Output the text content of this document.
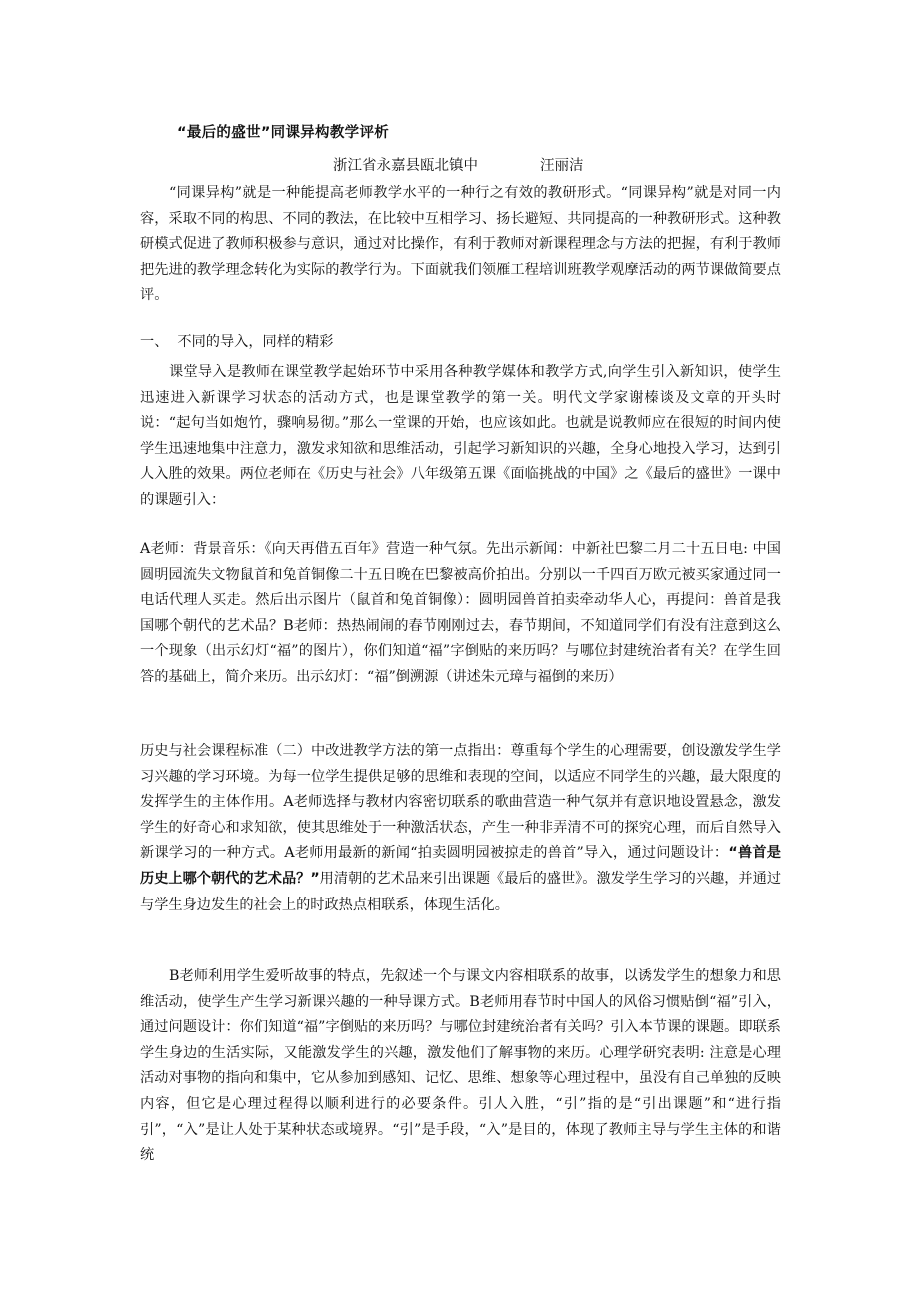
“最后的盛世”同课异构教学评析
浙江省永嘉县瓯北镇中	汪丽洁

“同课异构”就是一种能提高老师教学水平的一种行之有效的教研形式。“同课异构”就是对同一内容，采取不同的构思、不同的教法，在比较中互相学习、扬长避短、共同提高的一种教研形式。这种教研模式促进了教师积极参与意识，通过对比操作，有利于教师对新课程理念与方法的把握，有利于教师把先进的教学理念转化为实际的教学行为。下面就我们领雁工程培训班教学观摩活动的两节课做简要点评。

一、  不同的导入，同样的精彩

课堂导入是教师在课堂教学起始环节中采用各种教学媒体和教学方式,向学生引入新知识，使学生迅速进入新课学习状态的活动方式，也是课堂教学的第一关。明代文学家谢榛谈及文章的开头时说：“起句当如炮竹，骤响易彻。”那么一堂课的开始，也应该如此。也就是说教师应在很短的时间内使学生迅速地集中注意力，激发求知欲和思维活动，引起学习新知识的兴趣，全身心地投入学习，达到引人入胜的效果。两位老师在《历史与社会》八年级第五课《面临挑战的中国》之《最后的盛世》一课中的课题引入：

A老师：背景音乐：《向天再借五百年》营造一种气氛。先出示新闻：中新社巴黎二月二十五日电: 中国圆明园流失文物鼠首和兔首铜像二十五日晚在巴黎被高价拍出。分别以一千四百万欧元被买家通过同一电话代理人买走。然后出示图片（鼠首和兔首铜像）：圆明园兽首拍卖牵动华人心，再提问：兽首是我国哪个朝代的艺术品？B老师：热热闹闹的春节刚刚过去，春节期间，不知道同学们有没有注意到这么一个现象（出示幻灯“福”的图片），你们知道“福”字倒贴的来历吗？与哪位封建统治者有关？在学生回答的基础上，简介来历。出示幻灯：“福”倒溯源（讲述朱元璋与福倒的来历）

历史与社会课程标准（二）中改进教学方法的第一点指出：尊重每个学生的心理需要，创设激发学生学习兴趣的学习环境。为每一位学生提供足够的思维和表现的空间，以适应不同学生的兴趣，最大限度的发挥学生的主体作用。A老师选择与教材内容密切联系的歌曲营造一种气氛并有意识地设置悬念，激发学生的好奇心和求知欲，使其思维处于一种激活状态，产生一种非弄清不可的探究心理，而后自然导入新课学习的一种方式。A老师用最新的新闻“拍卖圆明园被掠走的兽首”导入，通过问题设计：“兽首是历史上哪个朝代的艺术品？”用清朝的艺术品来引出课题《最后的盛世》。激发学生学习的兴趣，并通过与学生身边发生的社会上的时政热点相联系，体现生活化。

B老师利用学生爱听故事的特点，先叙述一个与课文内容相联系的故事，以诱发学生的想象力和思维活动，使学生产生学习新课兴趣的一种导课方式。B老师用春节时中国人的风俗习惯贴倒“福”引入，通过问题设计：你们知道“福”字倒贴的来历吗？与哪位封建统治者有关吗？引入本节课的课题。即联系学生身边的生活实际，又能激发学生的兴趣，激发他们了解事物的来历。心理学研究表明: 注意是心理活动对事物的指向和集中，它从参加到感知、记忆、思维、想象等心理过程中，虽没有自己单独的反映内容，但它是心理过程得以顺利进行的必要条件。引人入胜，“引”指的是“引出课题”和“进行指引”，“入”是让人处于某种状态或境界。“引”是手段，“入”是目的，体现了教师主导与学生主体的和谐统
